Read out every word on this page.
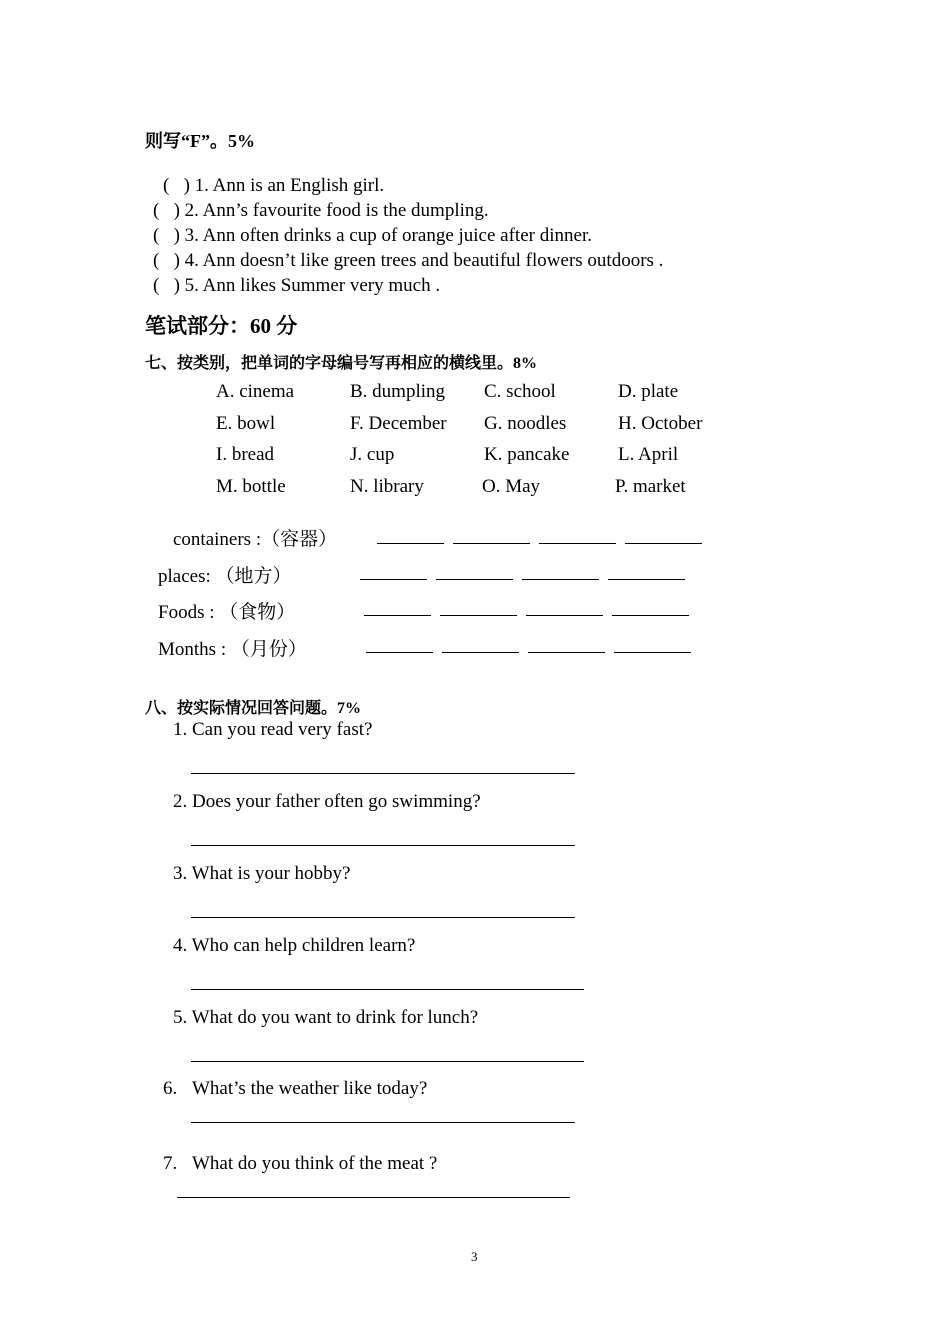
则写“F”。5%
(   ) 1. Ann is an English girl.
(   ) 2. Ann’s favourite food is the dumpling.
(   ) 3. Ann often drinks a cup of orange juice after dinner.
(   ) 4. Ann doesn’t like green trees and beautiful flowers outdoors .
(   ) 5. Ann likes Summer very much .
笔试部分：60 分
七、按类别，把单词的字母编号写再相应的横线里。8%
A. cinema	B. dumpling C. school	D. plate
E. bowl	F. December G. noodles	H. October
I. bread	J. cup	K. pancake	L. April
M. bottle	N. library	O. May	P. market
containers :（容器）
places: （地方）
Foods : （食物）
Months : （月份）
八、按实际情况回答问题。7%
1. Can you read very fast?
2. Does your father often go swimming?
3. What is your hobby?
4. Who can help children learn?
5. What do you want to drink for lunch?
6. What’s the weather like today?
7. What do you think of the meat ?
3
